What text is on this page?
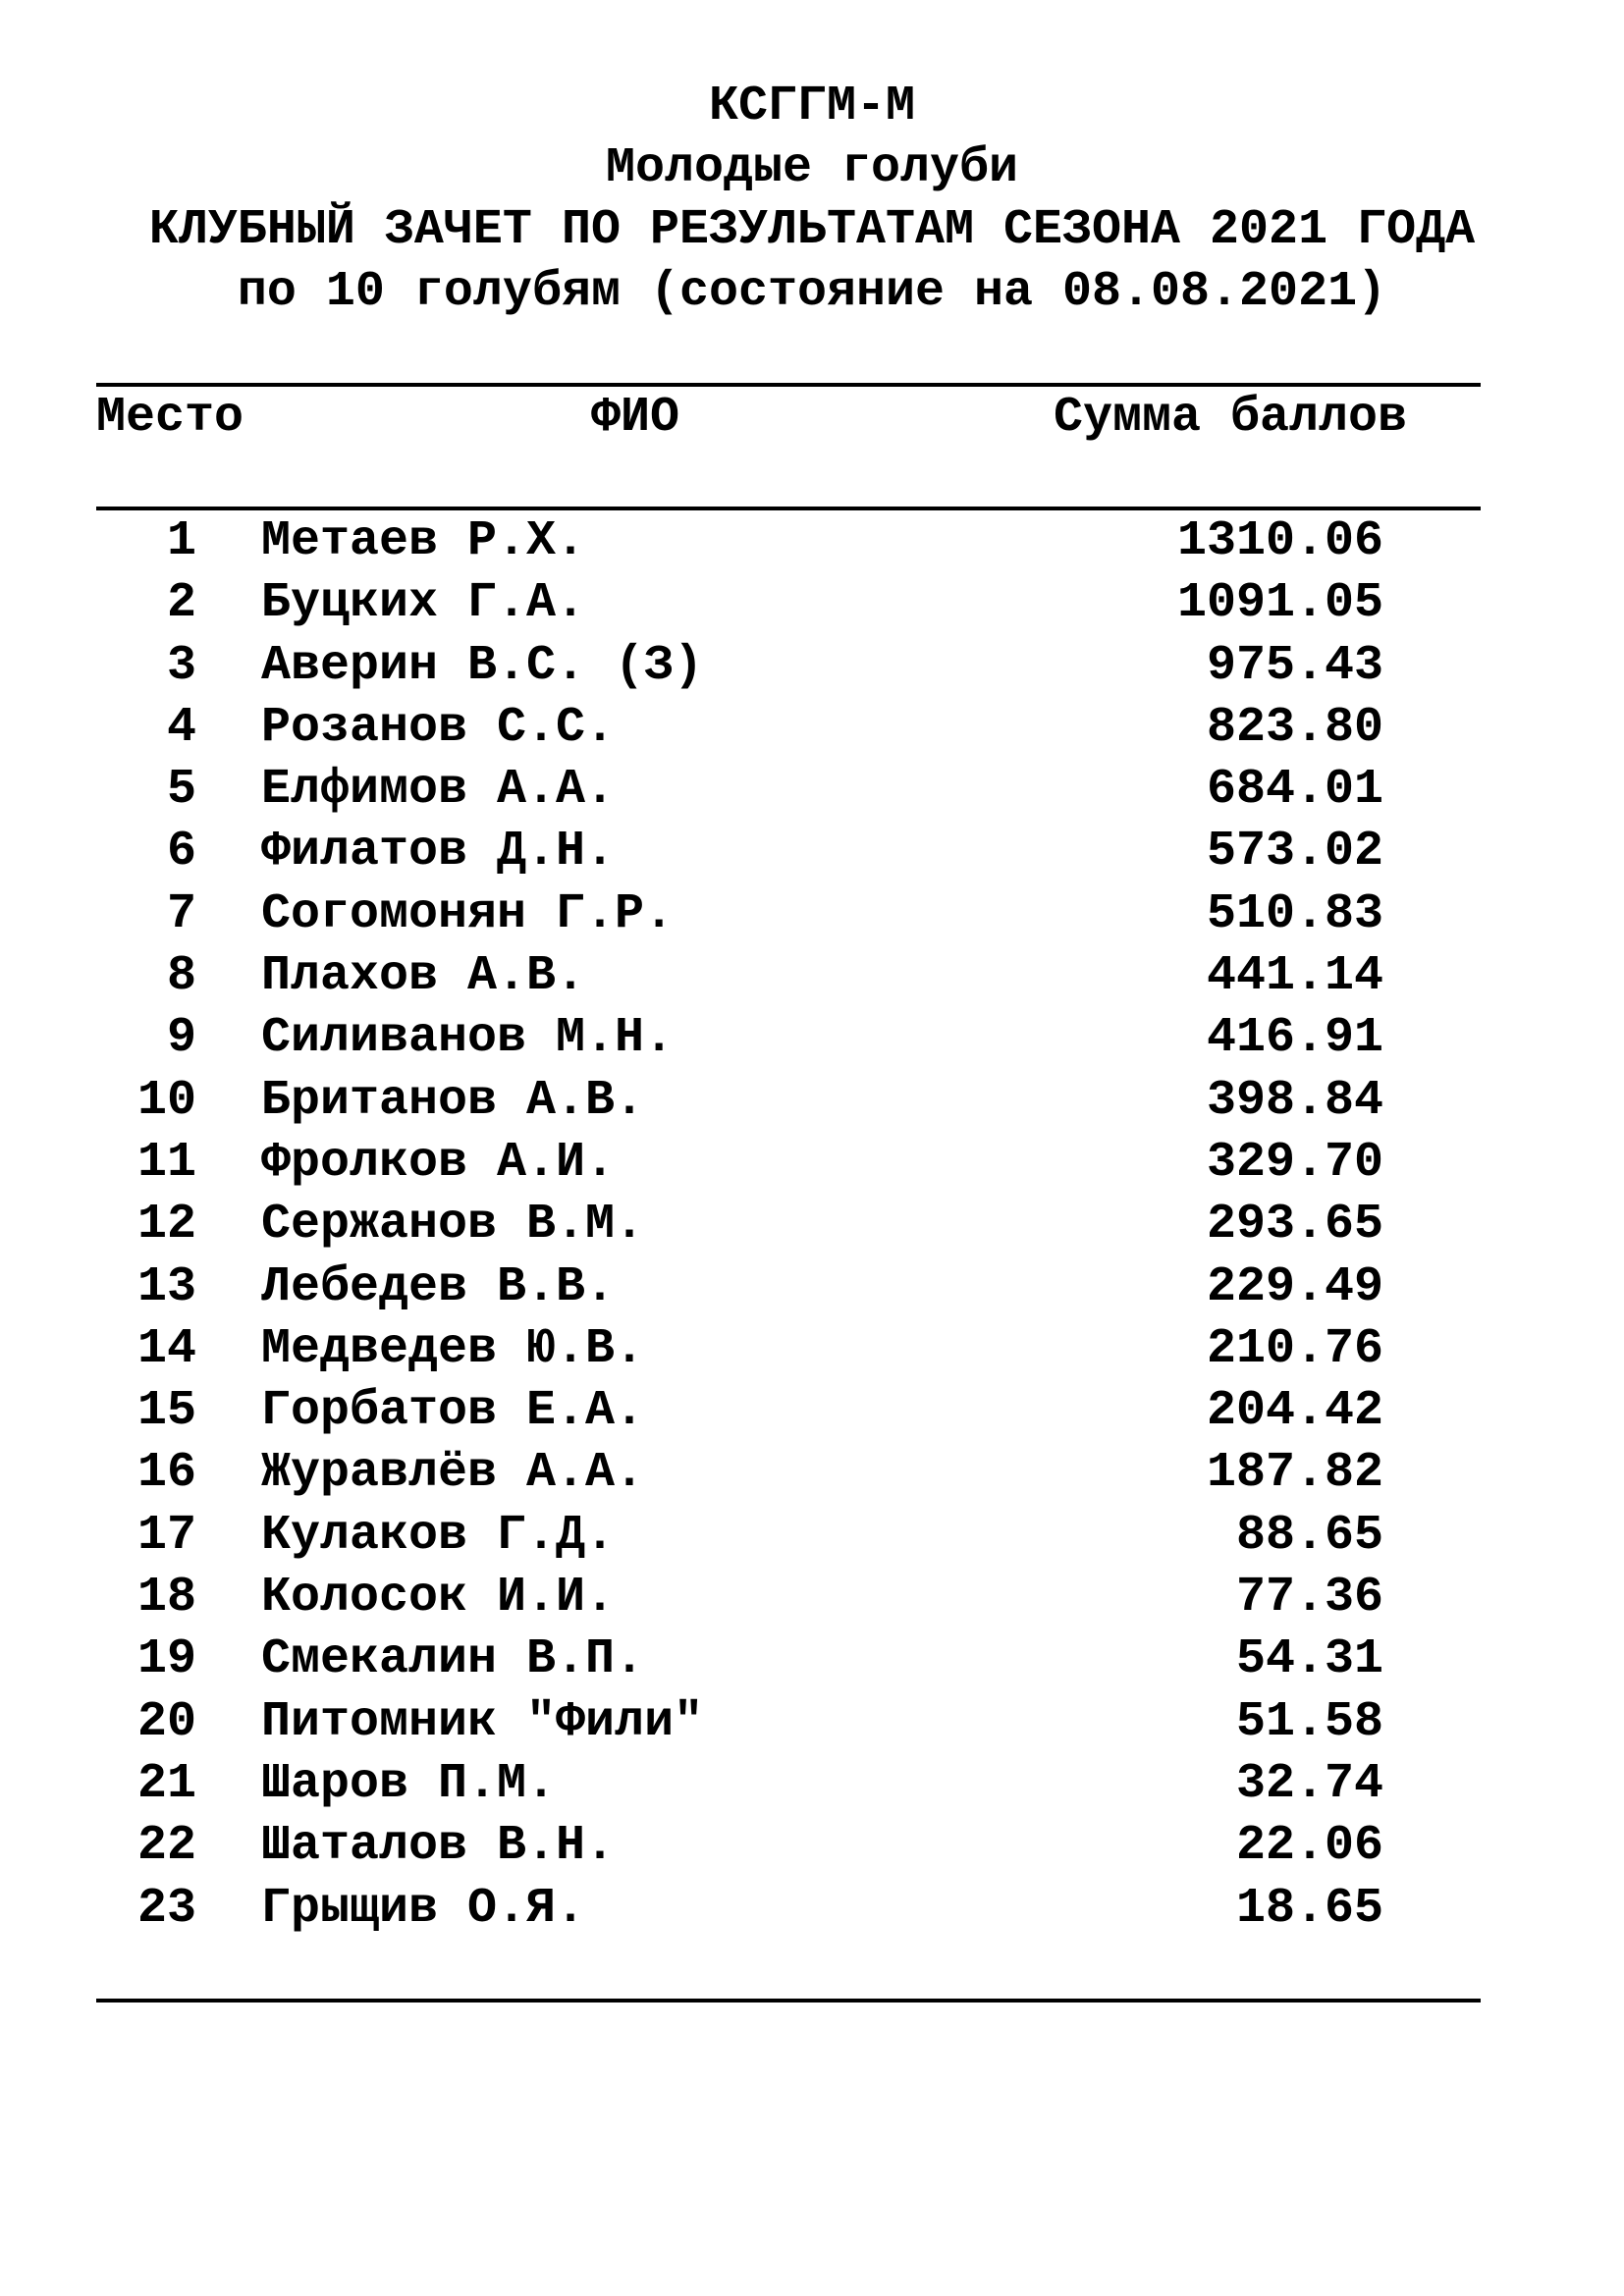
КСГГМ-М
Молодые голуби
КЛУБНЫЙ ЗАЧЕТ ПО РЕЗУЛЬТАТАМ СЕЗОНА 2021 ГОДА
по 10 голубям (состояние на 08.08.2021)
Место	ФИО	Сумма баллов
1 Метаев Р.Х.	1310.06
2 Буцких Г.А.	1091.05
3 Аверин В.С. (З)	975.43
4 Розанов С.С.	823.80
5 Елфимов А.А.	684.01
6 Филатов Д.Н.	573.02
7 Согомонян Г.Р.	510.83
8 Плахов А.В.	441.14
9 Силиванов М.Н.	416.91
10 Британов А.В.	398.84
11 Фролков А.И.	329.70
12 Сержанов В.М.	293.65
13 Лебедев В.В.	229.49
14 Медведев Ю.В.	210.76
15 Горбатов Е.А.	204.42
16 Журавлёв А.А.	187.82
17 Кулаков Г.Д.	88.65
18 Колосок И.И.	77.36
19 Смекалин В.П.	54.31
20 Питомник "Фили"	51.58
21 Шаров П.М.	32.74
22 Шаталов В.Н.	22.06
23 Грыщив О.Я.	18.65
